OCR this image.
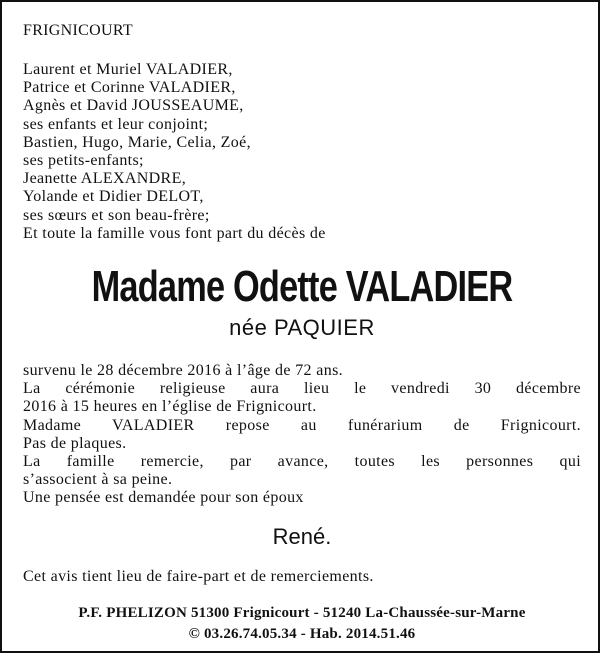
FRIGNICOURT
Laurent et Muriel VALADIER,
Patrice et Corinne VALADIER,
Agnès et David JOUSSEAUME,
ses enfants et leur conjoint;
Bastien, Hugo, Marie, Celia, Zoé,
ses petits-enfants;
Jeanette ALEXANDRE,
Yolande et Didier DELOT,
ses sœurs et son beau-frère;
Et toute la famille vous font part du décès de
Madame Odette VALADIER
née PAQUIER
survenu le 28 décembre 2016 à l’âge de 72 ans.
La cérémonie religieuse aura lieu le vendredi 30 décembre
2016 à 15 heures en l’église de Frignicourt.
Madame VALADIER repose au funérarium de Frignicourt.
Pas de plaques.
La famille remercie, par avance, toutes les personnes qui
s’associent à sa peine.
Une pensée est demandée pour son époux
René.
Cet avis tient lieu de faire-part et de remerciements.
P.F. PHELIZON 51300 Frignicourt - 51240 La-Chaussée-sur-Marne
© 03.26.74.05.34 - Hab. 2014.51.46
